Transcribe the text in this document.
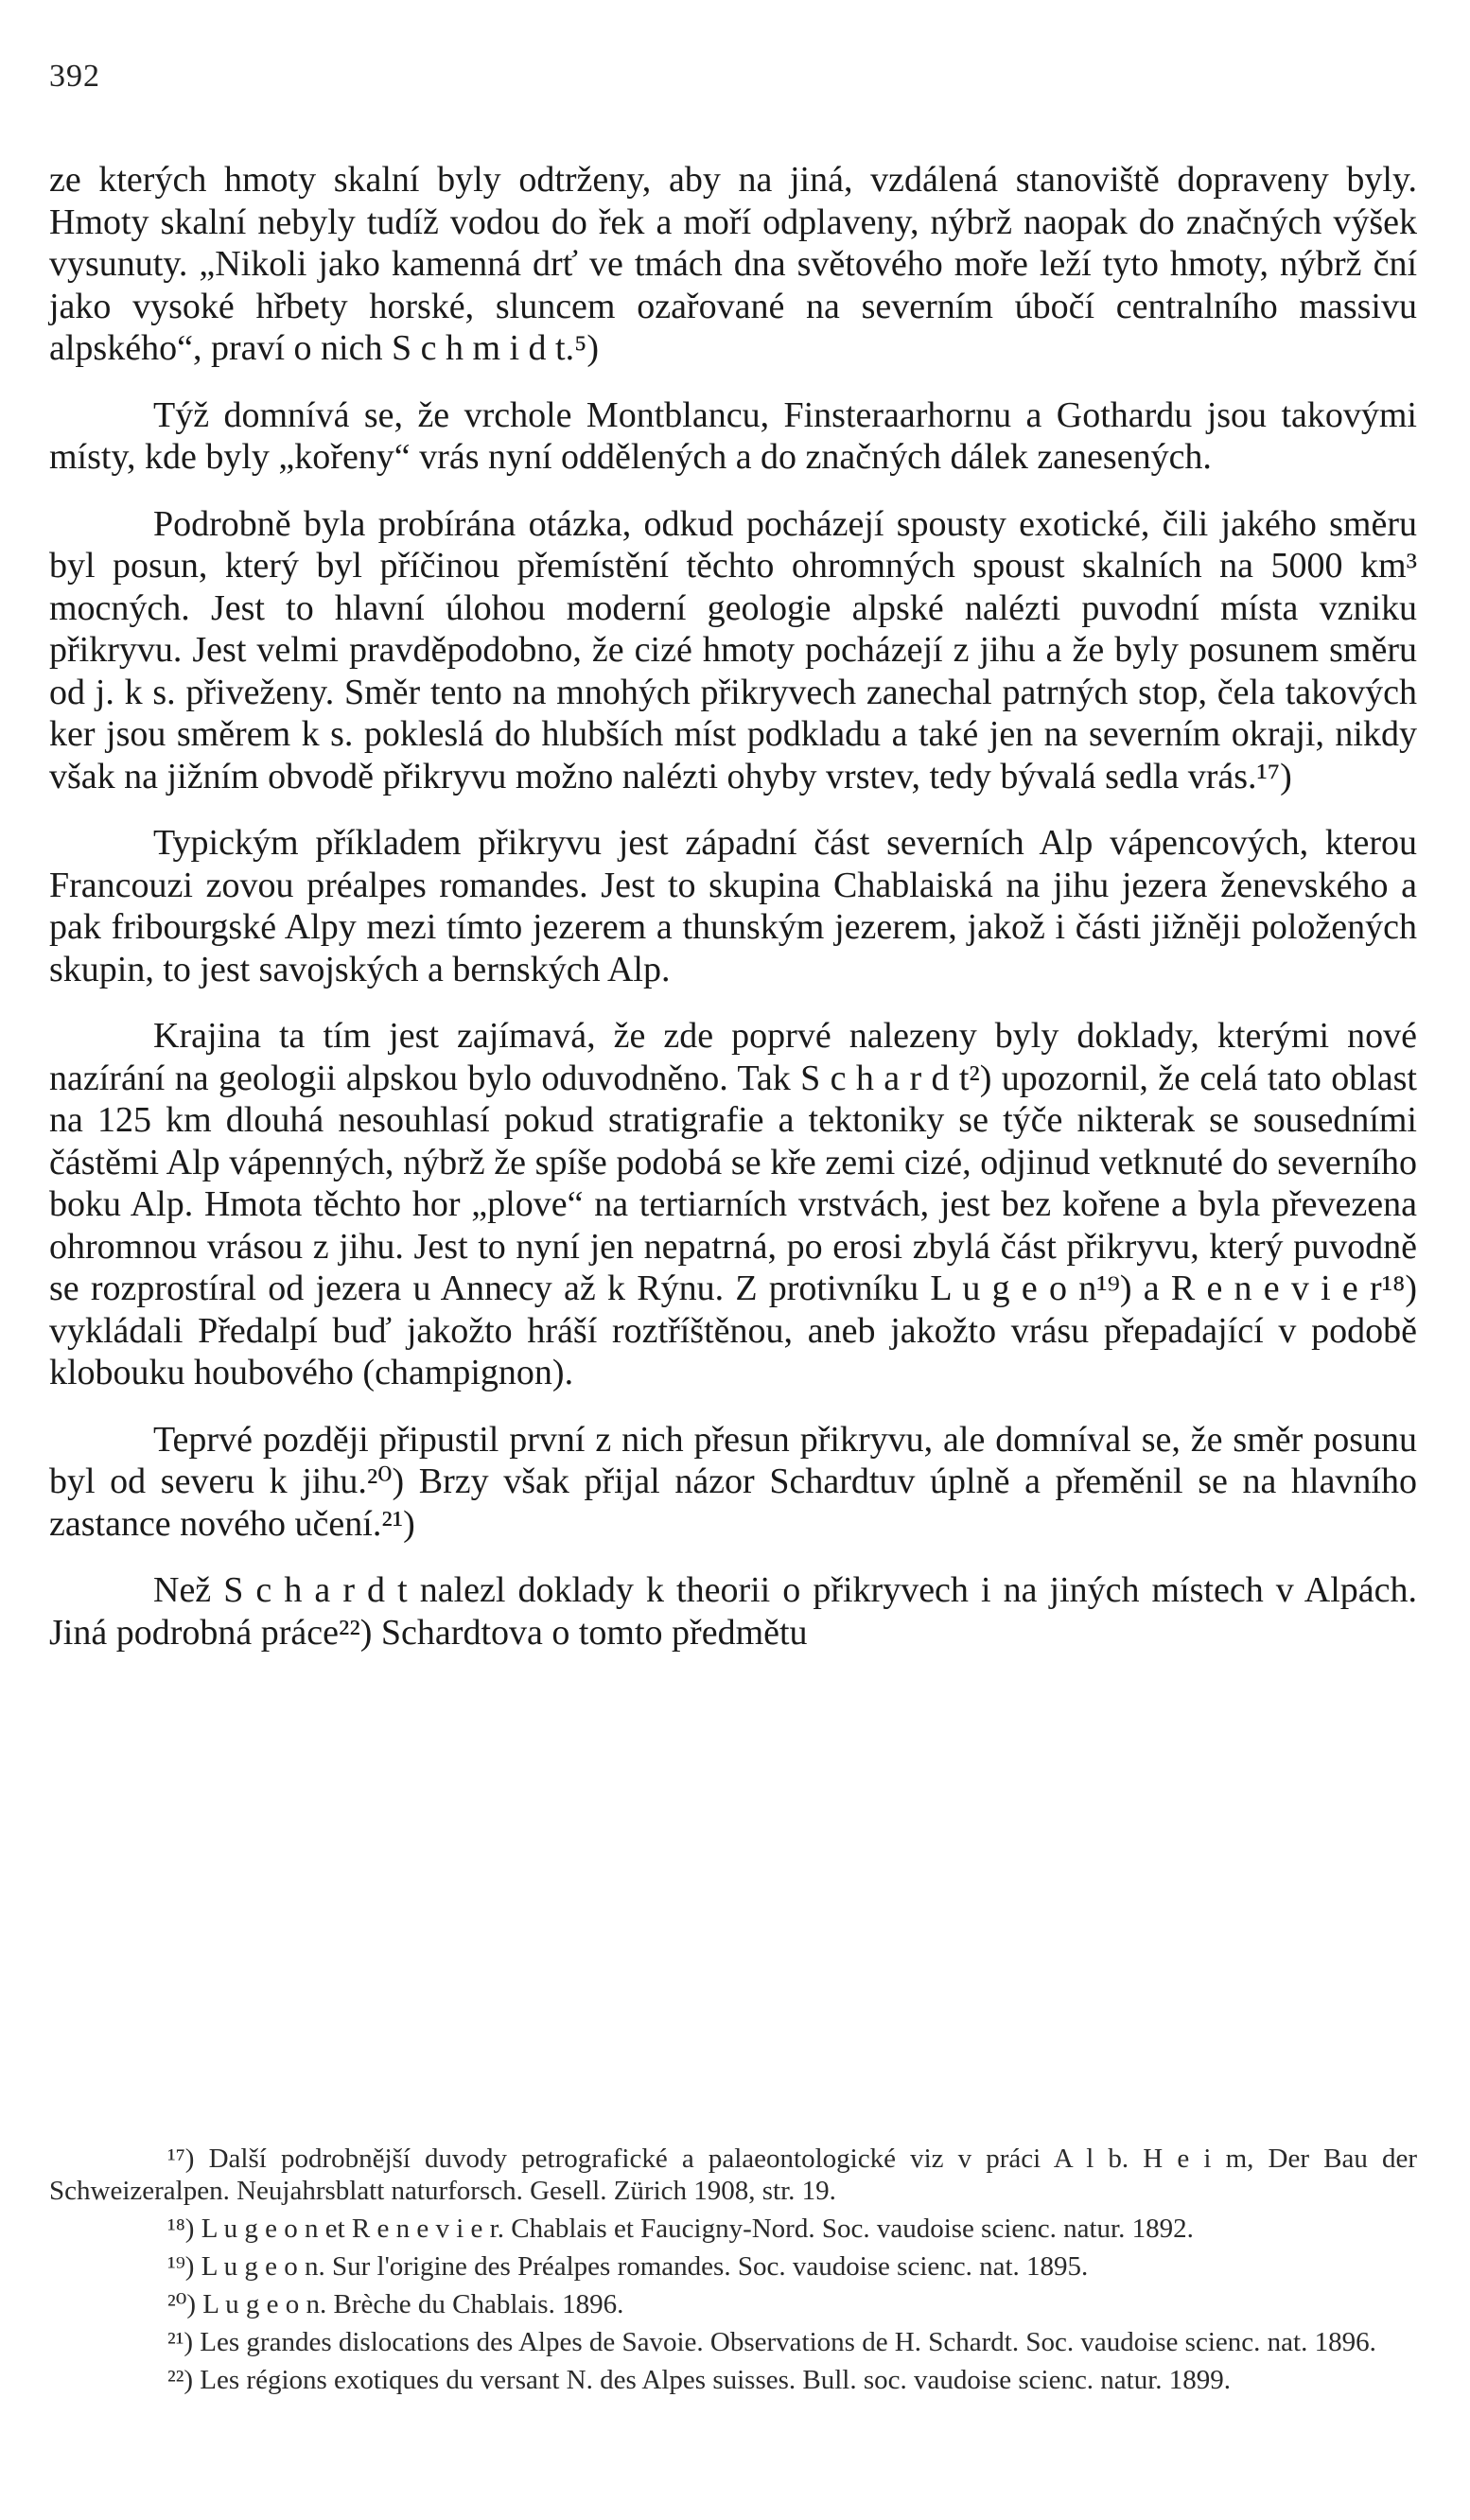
392

ze kterých hmoty skalní byly odtrženy, aby na jiná, vzdálená stanoviště dopraveny byly. Hmoty skalní nebyly tudíž vodou do řek a moří odplaveny, nýbrž naopak do značných výšek vysunuty. „Nikoli jako kamenná drť ve tmách dna světového moře leží tyto hmoty, nýbrž ční jako vysoké hřbety horské, sluncem ozařované na severním úbočí centralního massivu alpského“, praví o nich S c h m i d t.⁵)

Týž domnívá se, že vrchole Montblancu, Finsteraarhornu a Gothardu jsou takovými místy, kde byly „kořeny“ vrás nyní oddělených a do značných dálek zanesených.

Podrobně byla probírána otázka, odkud pocházejí spousty exotické, čili jakého směru byl posun, který byl příčinou přemístění těchto ohromných spoust skalních na 5000 km³ mocných. Jest to hlavní úlohou moderní geologie alpské nalézti puvodní místa vzniku přikryvu. Jest velmi pravděpodobno, že cizé hmoty pocházejí z jihu a že byly posunem směru od j. k s. přiveženy. Směr tento na mnohých přikryvech zanechal patrných stop, čela takových ker jsou směrem k s. pokleslá do hlubších míst podkladu a také jen na severním okraji, nikdy však na jižním obvodě přikryvu možno nalézti ohyby vrstev, tedy bývalá sedla vrás.¹⁷)

Typickým příkladem přikryvu jest západní část severních Alp vápencových, kterou Francouzi zovou préalpes romandes. Jest to skupina Chablaiská na jihu jezera ženevského a pak fribourgské Alpy mezi tímto jezerem a thunským jezerem, jakož i části jižněji položených skupin, to jest savojských a bernských Alp.

Krajina ta tím jest zajímavá, že zde poprvé nalezeny byly doklady, kterými nové nazírání na geologii alpskou bylo oduvodněno. Tak S c h a r d t²) upozornil, že celá tato oblast na 125 km dlouhá nesouhlasí pokud stratigrafie a tektoniky se týče nikterak se sousedními částěmi Alp vápenných, nýbrž že spíše podobá se kře zemi cizé, odjinud vetknuté do severního boku Alp. Hmota těchto hor „plove“ na tertiarních vrstvách, jest bez kořene a byla převezena ohromnou vrásou z jihu. Jest to nyní jen nepatrná, po erosi zbylá část přikryvu, který puvodně se rozprostíral od jezera u Annecy až k Rýnu. Z protivníku L u g e o n¹⁹) a R e n e v i e r¹⁸) vykládali Předalpí buď jakožto hráší roztříštěnou, aneb jakožto vrásu přepadající v podobě klobouku houbového (champignon).

Teprvé později připustil první z nich přesun přikryvu, ale domníval se, že směr posunu byl od severu k jihu.²⁰) Brzy však přijal názor Schardtuv úplně a přeměnil se na hlavního zastance nového učení.²¹)

Než S c h a r d t nalezl doklady k theorii o přikryvech i na jiných místech v Alpách. Jiná podrobná práce²²) Schardtova o tomto předmětu

¹⁷) Další podrobnější duvody petrografické a palaeontologické viz v práci A l b. H e i m, Der Bau der Schweizeralpen. Neujahrsblatt naturforsch. Gesell. Zürich 1908, str. 19.

¹⁸) L u g e o n et R e n e v i e r. Chablais et Faucigny-Nord. Soc. vaudoise scienc. natur. 1892.

¹⁹) L u g e o n. Sur l'origine des Préalpes romandes. Soc. vaudoise scienc. nat. 1895.

²⁰) L u g e o n. Brèche du Chablais. 1896.

²¹) Les grandes dislocations des Alpes de Savoie. Observations de H. Schardt. Soc. vaudoise scienc. nat. 1896.

²²) Les régions exotiques du versant N. des Alpes suisses. Bull. soc. vaudoise scienc. natur. 1899.
